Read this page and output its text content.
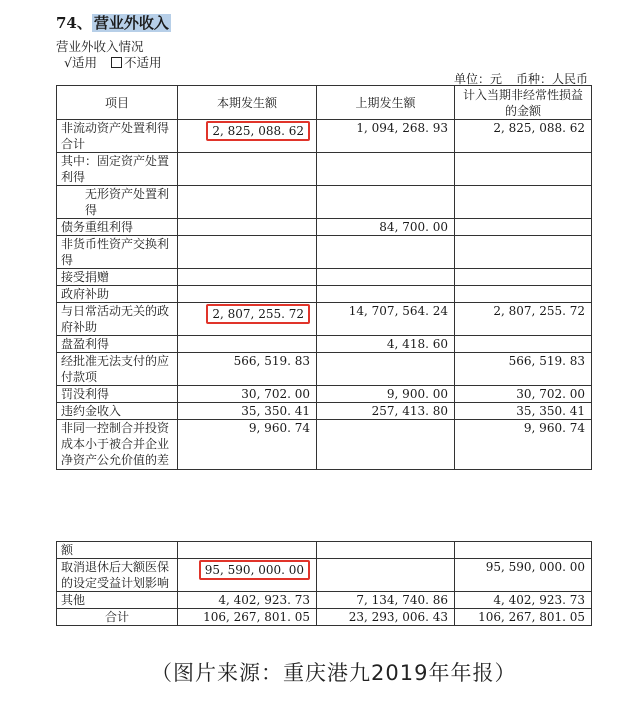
74、 营业外收入
营业外收入情况
√适用 不适用
单位：元 币种：人民币
项目	本期发生额	上期发生额	计入当期非经常性损益的金额
非流动资产处置利得合计	2, 825, 088. 62	1, 094, 268. 93	2, 825, 088. 62
其中：固定资产处置利得			
无形资产处置利得			
债务重组利得		84, 700. 00	
非货币性资产交换利得			
接受捐赠			
政府补助			
与日常活动无关的政府补助	2, 807, 255. 72	14, 707, 564. 24	2, 807, 255. 72
盘盈利得		4, 418. 60	
经批准无法支付的应付款项	566, 519. 83		566, 519. 83
罚没利得	30, 702. 00	9, 900. 00	30, 702. 00
违约金收入	35, 350. 41	257, 413. 80	35, 350. 41
非同一控制合并投资成本小于被合并企业净资产公允价值的差	9, 960. 74		9, 960. 74
额			
取消退休后大额医保的设定受益计划影响	95, 590, 000. 00		95, 590, 000. 00
其他	4, 402, 923. 73	7, 134, 740. 86	4, 402, 923. 73
合计	106, 267, 801. 05	23, 293, 006. 43	106, 267, 801. 05
（图片来源：重庆港九2019年年报）
